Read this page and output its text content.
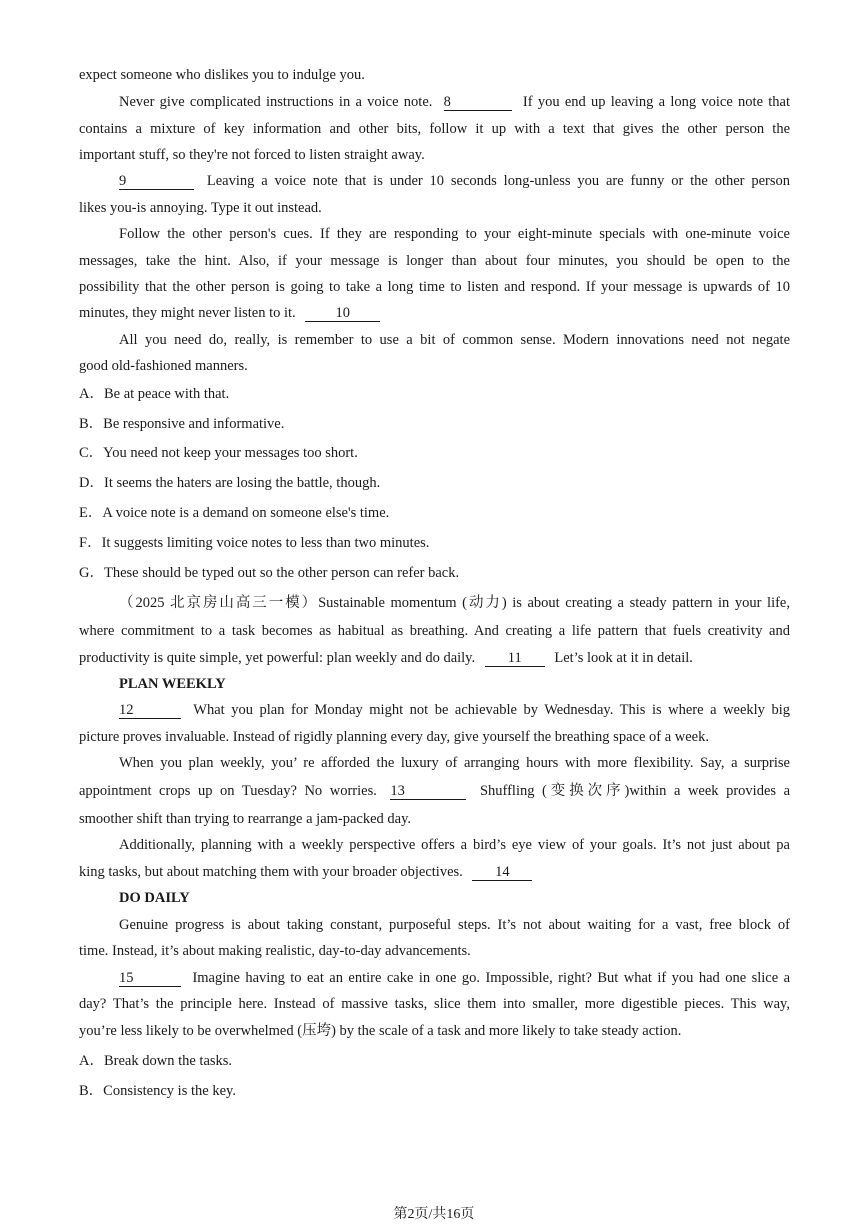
expect someone who dislikes you to indulge you.
Never give complicated instructions in a voice note. 8	If you end up leaving a long voice note that
contains a mixture of key information and other bits, follow it up with a text that gives the other person the
important stuff, so they're not forced to listen straight away.
9	Leaving a voice note that is under 10 seconds long-unless you are funny or the other person
likes you-is annoying. Type it out instead.
Follow the other person's cues. If they are responding to your eight-minute specials with one-minute voice
messages, take the hint. Also, if your message is longer than about four minutes, you should be open to the
possibility that the other person is going to take a long time to listen and respond. If your message is upwards of 10
minutes, they might never listen to it.	10
All you need do, really, is remember to use a bit of common sense. Modern innovations need not negate
good old-fashioned manners.
A．Be at peace with that.
B．Be responsive and informative.
C．You need not keep your messages too short.
D．It seems the haters are losing the battle, though.
E．A voice note is a demand on someone else's time.
F．It suggests limiting voice notes to less than two minutes.
G．These should be typed out so the other person can refer back.
（2025 北京房山高三一模）Sustainable momentum (动力) is about creating a steady pattern in your life,
where commitment to a task becomes as habitual as breathing. And creating a life pattern that fuels creativity and
productivity is quite simple, yet powerful: plan weekly and do daily. 11 Let’s look at it in detail.
PLAN WEEKLY
12	What you plan for Monday might not be achievable by Wednesday. This is where a weekly big
picture proves invaluable. Instead of rigidly planning every day, give yourself the breathing space of a week.
When you plan weekly, you’ re afforded the luxury of arranging hours with more flexibility. Say, a surprise
appointment crops up on Tuesday? No worries. 13	Shuffling (变换次序)within a week provides a
smoother shift than trying to rearrange a jam-packed day.
Additionally, planning with a weekly perspective offers a bird’s eye view of your goals. It’s not just about pa
king tasks, but about matching them with your broader objectives. 14
DO DAILY
Genuine progress is about taking constant, purposeful steps. It’s not about waiting for a vast, free block of
time. Instead, it’s about making realistic, day-to-day advancements.
15	Imagine having to eat an entire cake in one go. Impossible, right? But what if you had one slice a
day? That’s the principle here. Instead of massive tasks, slice them into smaller, more digestible pieces. This way,
you’re less likely to be overwhelmed (压垮) by the scale of a task and more likely to take steady action.
A．Break down the tasks.
B．Consistency is the key.
第2页/共16页
